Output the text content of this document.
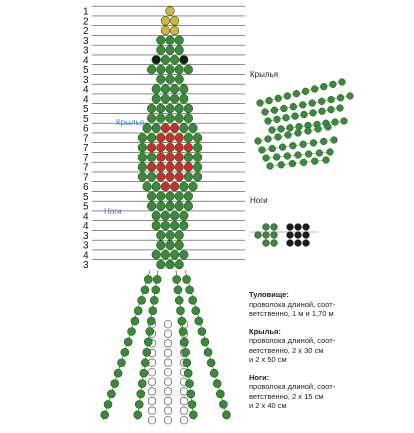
1
2
2
3
3
4
5
3
4
4
5
5
6
7
7
7
7
7
6
5
5
4
4
3
3
4
3
Крылья
Ноги
Крылья
Ноги
Туловище:
проволока длиной, соот-
ветственно, 1 м и 1,70 м
Крылья:
проволока длиной, соот-
ветственно, 2 х 30 см
и 2 х 50 см
Ноги:
проволока длиной, соот-
ветственно, 2 х 15 см
и 2 х 40 см
